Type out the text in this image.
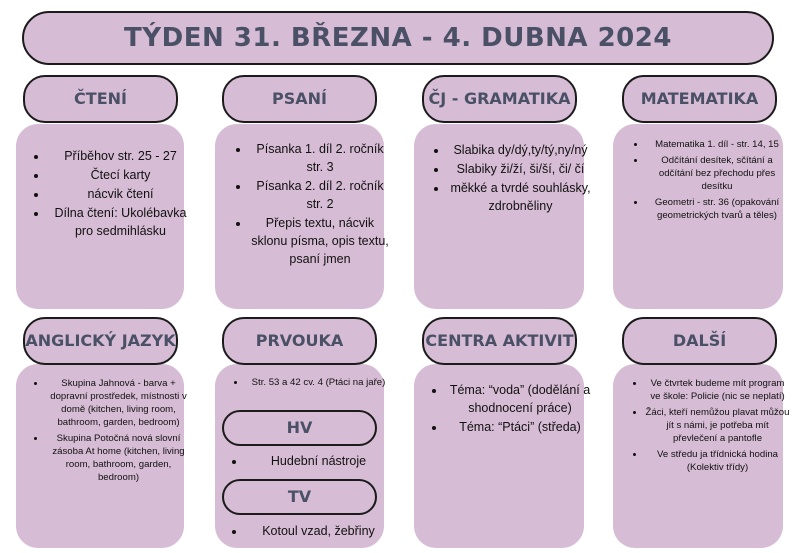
TÝDEN 31. BŘEZNA - 4. DUBNA 2024
ČTENÍ
• Příběhov str. 25 - 27
• Čtecí karty
• nácvik čtení
• Dílna čtení: Ukolébavka pro sedmihlásku
PSANÍ
• Písanka 1. díl 2. ročník str. 3
• Písanka 2. díl 2. ročník str. 2
• Přepis textu, nácvik sklonu písma, opis textu, psaní jmen
ČJ - GRAMATIKA
• Slabika dy/dý,ty/tý,ny/ný
• Slabiky ži/ží, ši/ší, či/ čí
• měkké a tvrdé souhlásky, zdrobněliny
MATEMATIKA
• Matematika 1. díl - str. 14, 15
• Odčítání desítek, sčítání a odčítání bez přechodu přes desítku
• Geometri - str. 36 (opakování geometrických tvarů a těles)
ANGLICKÝ JAZYK
• Skupina Jahnová - barva + dopravní prostředek, místnosti v domě (kitchen, living room, bathroom, garden, bedroom)
• Skupina Potočná nová slovní zásoba At home (kitchen, living room, bathroom, garden, bedroom)
PRVOUKA
• Str. 53 a 42 cv. 4 (Ptáci na jaře)
HV
• Hudební nástroje
TV
• Kotoul vzad, žebřiny
CENTRA AKTIVIT
• Téma: “voda” (dodělání a shodnocení práce)
• Téma: “Ptáci” (středa)
DALŠÍ
• Ve čtvrtek budeme mít program ve škole: Policie (nic se neplatí)
• Žáci, kteří nemůžou plavat můžou jít s námi, je potřeba mít převlečení a pantofle
• Ve středu ja třídnická hodina (Kolektiv třídy)
